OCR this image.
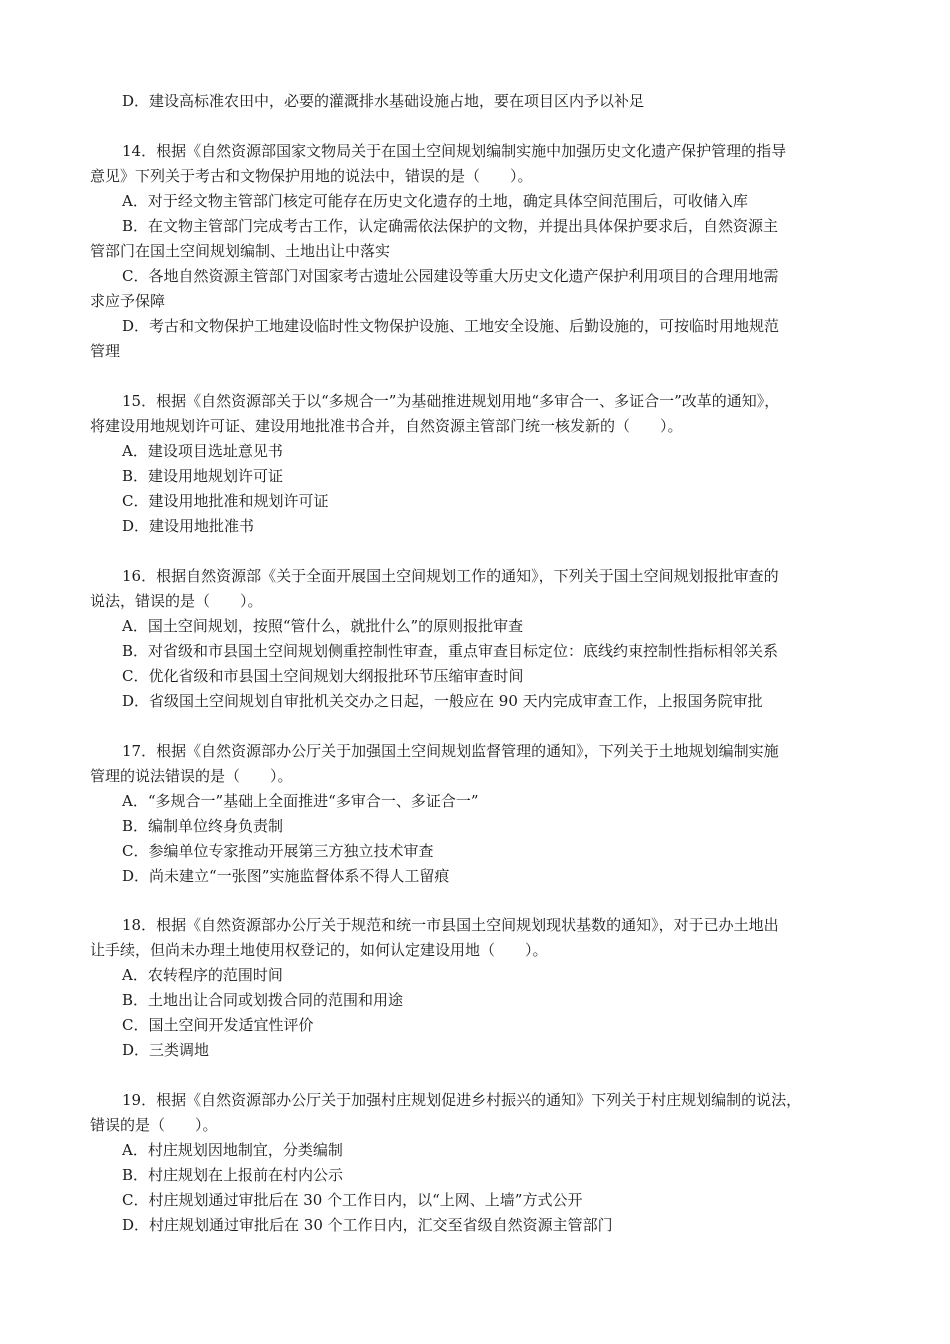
D．建设高标准农田中，必要的灌溉排水基础设施占地，要在项目区内予以补足
14．根据《自然资源部国家文物局关于在国土空间规划编制实施中加强历史文化遗产保护管理的指导
意见》下列关于考古和文物保护用地的说法中，错误的是（　　）。
A．对于经文物主管部门核定可能存在历史文化遗存的土地，确定具体空间范围后，可收储入库
B．在文物主管部门完成考古工作，认定确需依法保护的文物，并提出具体保护要求后，自然资源主
管部门在国土空间规划编制、土地出让中落实
C．各地自然资源主管部门对国家考古遗址公园建设等重大历史文化遗产保护利用项目的合理用地需
求应予保障
D．考古和文物保护工地建设临时性文物保护设施、工地安全设施、后勤设施的，可按临时用地规范
管理
15．根据《自然资源部关于以“多规合一”为基础推进规划用地“多审合一、多证合一”改革的通知》，
将建设用地规划许可证、建设用地批准书合并，自然资源主管部门统一核发新的（　　）。
A．建设项目选址意见书
B．建设用地规划许可证
C．建设用地批准和规划许可证
D．建设用地批准书
16．根据自然资源部《关于全面开展国土空间规划工作的通知》，下列关于国土空间规划报批审查的
说法，错误的是（　　）。
A．国土空间规划，按照“管什么，就批什么”的原则报批审查
B．对省级和市县国土空间规划侧重控制性审查，重点审查目标定位：底线约束控制性指标相邻关系
C．优化省级和市县国土空间规划大纲报批环节压缩审查时间
D．省级国土空间规划自审批机关交办之日起，一般应在 90 天内完成审查工作，上报国务院审批
17．根据《自然资源部办公厅关于加强国土空间规划监督管理的通知》，下列关于土地规划编制实施
管理的说法错误的是（　　）。
A．“多规合一”基础上全面推进“多审合一、多证合一”
B．编制单位终身负责制
C．参编单位专家推动开展第三方独立技术审查
D．尚未建立“一张图”实施监督体系不得人工留痕
18．根据《自然资源部办公厅关于规范和统一市县国土空间规划现状基数的通知》，对于已办土地出
让手续，但尚未办理土地使用权登记的，如何认定建设用地（　　）。
A．农转程序的范围时间
B．土地出让合同或划拨合同的范围和用途
C．国土空间开发适宜性评价
D．三类调地
19．根据《自然资源部办公厅关于加强村庄规划促进乡村振兴的通知》下列关于村庄规划编制的说法，
错误的是（　　）。
A．村庄规划因地制宜，分类编制
B．村庄规划在上报前在村内公示
C．村庄规划通过审批后在 30 个工作日内，以“上网、上墙”方式公开
D．村庄规划通过审批后在 30 个工作日内，汇交至省级自然资源主管部门
